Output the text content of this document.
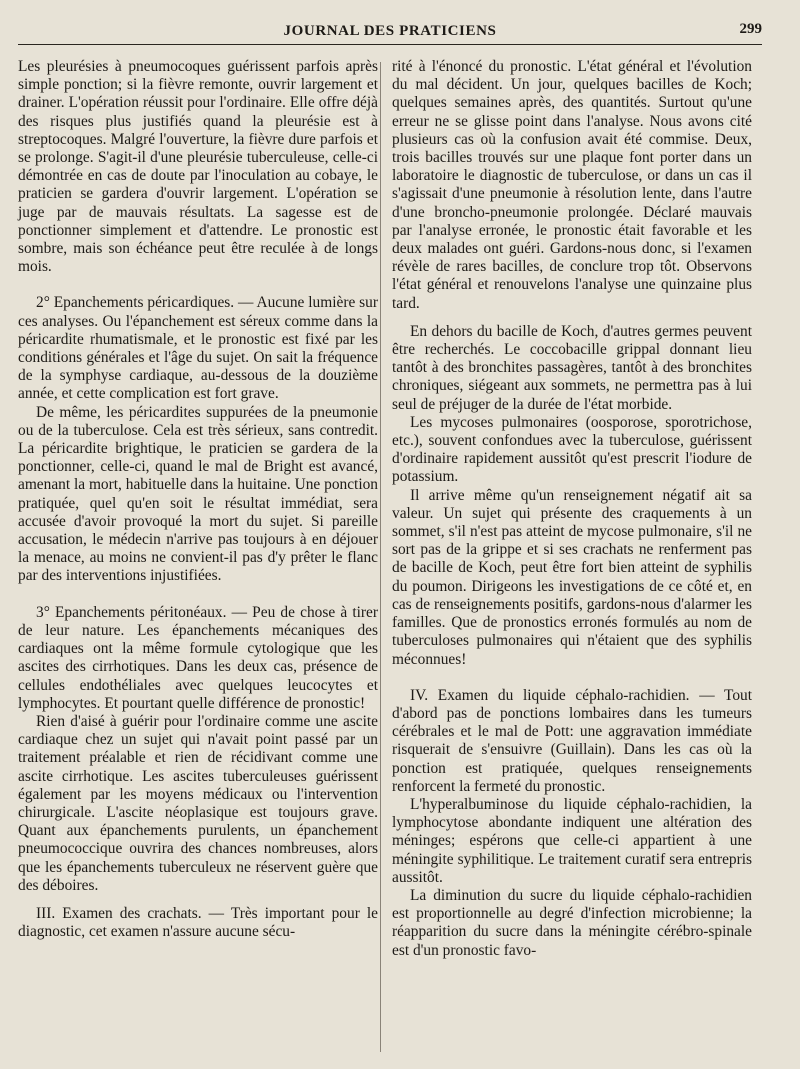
JOURNAL DES PRATICIENS	299

Les pleurésies à pneumocoques guérissent parfois après simple ponction; si la fièvre remonte, ouvrir largement et drainer. L'opération réussit pour l'ordinaire. Elle offre déjà des risques plus justifiés quand la pleurésie est à streptocoques. Malgré l'ouverture, la fièvre dure parfois et se prolonge. S'agit-il d'une pleurésie tuberculeuse, celle-ci démontrée en cas de doute par l'inoculation au cobaye, le praticien se gardera d'ouvrir largement. L'opération se juge par de mauvais résultats. La sagesse est de ponctionner simplement et d'attendre. Le pronostic est sombre, mais son échéance peut être reculée à de longs mois.

2° Epanchements péricardiques. — Aucune lumière sur ces analyses. Ou l'épanchement est séreux comme dans la péricardite rhumatismale, et le pronostic est fixé par les conditions générales et l'âge du sujet. On sait la fréquence de la symphyse cardiaque, au-dessous de la douzième année, et cette complication est fort grave.

De même, les péricardites suppurées de la pneumonie ou de la tuberculose. Cela est très sérieux, sans contredit. La péricardite brightique, le praticien se gardera de la ponctionner, celle-ci, quand le mal de Bright est avancé, amenant la mort, habituelle dans la huitaine. Une ponction pratiquée, quel qu'en soit le résultat immédiat, sera accusée d'avoir provoqué la mort du sujet. Si pareille accusation, le médecin n'arrive pas toujours à en déjouer la menace, au moins ne convient-il pas d'y prêter le flanc par des interventions injustifiées.

3° Epanchements péritonéaux. — Peu de chose à tirer de leur nature. Les épanchements mécaniques des cardiaques ont la même formule cytologique que les ascites des cirrhotiques. Dans les deux cas, présence de cellules endothéliales avec quelques leucocytes et lymphocytes. Et pourtant quelle différence de pronostic!

Rien d'aisé à guérir pour l'ordinaire comme une ascite cardiaque chez un sujet qui n'avait point passé par un traitement préalable et rien de récidivant comme une ascite cirrhotique. Les ascites tuberculeuses guérissent également par les moyens médicaux ou l'intervention chirurgicale. L'ascite néoplasique est toujours grave. Quant aux épanchements purulents, un épanchement pneumococcique ouvrira des chances nombreuses, alors que les épanchements tuberculeux ne réservent guère que des déboires.

III. Examen des crachats. — Très important pour le diagnostic, cet examen n'assure aucune sécu-

rité à l'énoncé du pronostic. L'état général et l'évolution du mal décident. Un jour, quelques bacilles de Koch; quelques semaines après, des quantités. Surtout qu'une erreur ne se glisse point dans l'analyse. Nous avons cité plusieurs cas où la confusion avait été commise. Deux, trois bacilles trouvés sur une plaque font porter dans un laboratoire le diagnostic de tuberculose, or dans un cas il s'agissait d'une pneumonie à résolution lente, dans l'autre d'une broncho-pneumonie prolongée. Déclaré mauvais par l'analyse erronée, le pronostic était favorable et les deux malades ont guéri. Gardons-nous donc, si l'examen révèle de rares bacilles, de conclure trop tôt. Observons l'état général et renouvelons l'analyse une quinzaine plus tard.

En dehors du bacille de Koch, d'autres germes peuvent être recherchés. Le coccobacille grippal donnant lieu tantôt à des bronchites passagères, tantôt à des bronchites chroniques, siégeant aux sommets, ne permettra pas à lui seul de préjuger de la durée de l'état morbide.

Les mycoses pulmonaires (oosporose, sporotrichose, etc.), souvent confondues avec la tuberculose, guérissent d'ordinaire rapidement aussitôt qu'est prescrit l'iodure de potassium.

Il arrive même qu'un renseignement négatif ait sa valeur. Un sujet qui présente des craquements à un sommet, s'il n'est pas atteint de mycose pulmonaire, s'il ne sort pas de la grippe et si ses crachats ne renferment pas de bacille de Koch, peut être fort bien atteint de syphilis du poumon. Dirigeons les investigations de ce côté et, en cas de renseignements positifs, gardons-nous d'alarmer les familles. Que de pronostics erronés formulés au nom de tuberculoses pulmonaires qui n'étaient que des syphilis méconnues!

IV. Examen du liquide céphalo-rachidien. — Tout d'abord pas de ponctions lombaires dans les tumeurs cérébrales et le mal de Pott: une aggravation immédiate risquerait de s'ensuivre (Guillain). Dans les cas où la ponction est pratiquée, quelques renseignements renforcent la fermeté du pronostic.

L'hyperalbuminose du liquide céphalo-rachidien, la lymphocytose abondante indiquent une altération des méninges; espérons que celle-ci appartient à une méningite syphilitique. Le traitement curatif sera entrepris aussitôt.

La diminution du sucre du liquide céphalo-rachidien est proportionnelle au degré d'infection microbienne; la réapparition du sucre dans la méningite cérébro-spinale est d'un pronostic favo-
